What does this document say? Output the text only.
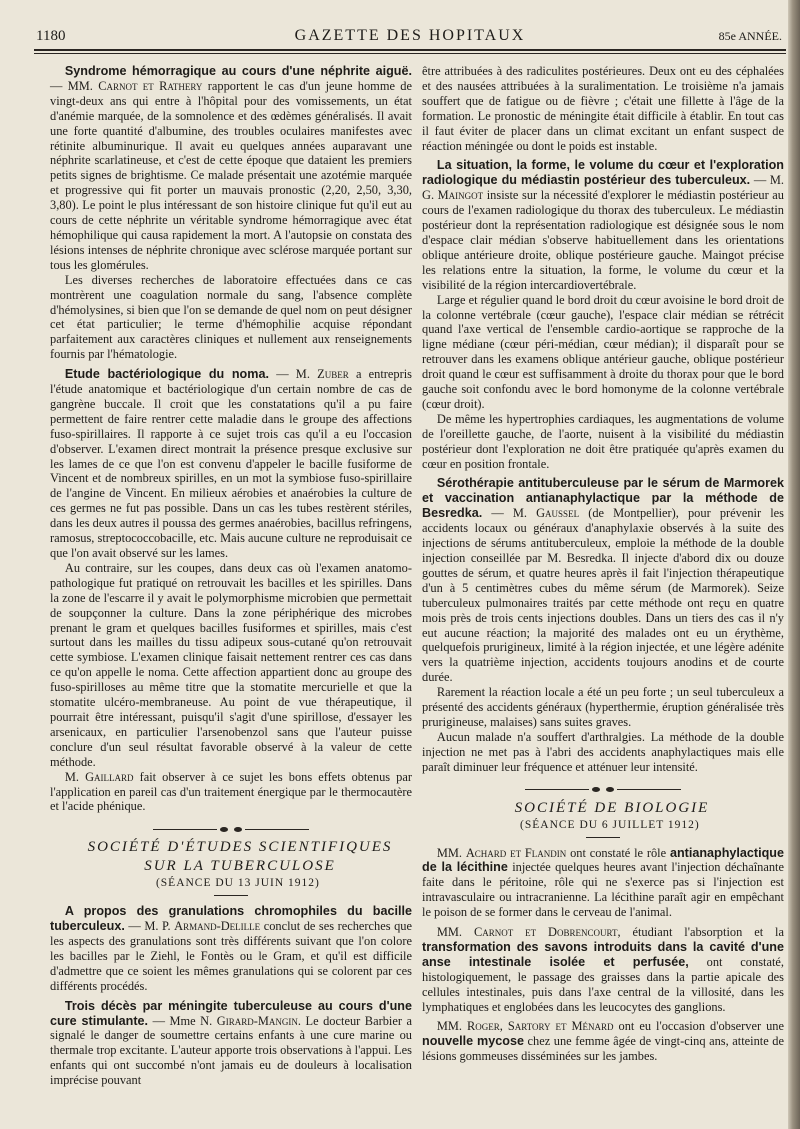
1180	GAZETTE DES HOPITAUX	85e ANNÉE.

Syndrome hémorragique au cours d'une néphrite aiguë. — MM. Carnot et Rathery rapportent le cas d'un jeune homme de vingt-deux ans qui entre à l'hôpital pour des vomissements, un état d'anémie marquée, de la somnolence et des œdèmes généralisés. Il avait une forte quantité d'albumine, des troubles oculaires manifestes avec rétinite albuminurique. Il avait eu quelques années auparavant une néphrite scarlatineuse, et c'est de cette époque que dataient les premiers petits signes de brightisme. Ce malade présentait une azotémie marquée et progressive qui fit porter un mauvais pronostic (2,20, 2,50, 3,30, 3,80). Le point le plus intéressant de son histoire clinique fut qu'il eut au cours de cette néphrite un véritable syndrome hémorragique avec état hémophilique qui causa rapidement la mort. A l'autopsie on constata des lésions intenses de néphrite chronique avec sclérose marquée portant sur tous les glomérules.

Les diverses recherches de laboratoire effectuées dans ce cas montrèrent une coagulation normale du sang, l'absence complète d'hémolysines, si bien que l'on se demande de quel nom on peut désigner cet état particulier; le terme d'hémophilie acquise répondant parfaitement aux caractères cliniques et nullement aux renseignements fournis par l'hématologie.

Etude bactériologique du noma. — M. Zuber a entrepris l'étude anatomique et bactériologique d'un certain nombre de cas de gangrène buccale. Il croit que les constatations qu'il a pu faire permettent de faire rentrer cette maladie dans le groupe des affections fuso-spirillaires. Il rapporte à ce sujet trois cas qu'il a eu l'occasion d'observer. L'examen direct montrait la présence presque exclusive sur les lames de ce que l'on est convenu d'appeler le bacille fusiforme de Vincent et de nombreux spirilles, en un mot la symbiose fuso-spirillaire de l'angine de Vincent. En milieux aérobies et anaérobies la culture de ces germes ne fut pas possible. Dans un cas les tubes restèrent stériles, dans les deux autres il poussa des germes anaérobies, bacillus refringens, ramosus, streptococcobacille, etc. Mais aucune culture ne reproduisait ce que l'on avait observé sur les lames.

Au contraire, sur les coupes, dans deux cas où l'examen anatomo-pathologique fut pratiqué on retrouvait les bacilles et les spirilles. Dans la zone de l'escarre il y avait le polymorphisme microbien que permettait de soupçonner la culture. Dans la zone périphérique des microbes prenant le gram et quelques bacilles fusiformes et spirilles, mais c'est surtout dans les mailles du tissu adipeux sous-cutané qu'on retrouvait cette symbiose. L'examen clinique faisait nettement rentrer ces cas dans ce qu'on appelle le noma. Cette affection appartient donc au groupe des fuso-spirilloses au même titre que la stomatite mercurielle et que la stomatite ulcéro-membraneuse. Au point de vue thérapeutique, il pourrait être intéressant, puisqu'il s'agit d'une spirillose, d'essayer les arsenicaux, en particulier l'arsenobenzol sans que l'auteur puisse conclure d'un seul résultat favorable observé à la valeur de cette méthode.

M. Gaillard fait observer à ce sujet les bons effets obtenus par l'application en pareil cas d'un traitement énergique par le thermocautère et l'acide phénique.

SOCIÉTÉ D'ÉTUDES SCIENTIFIQUES

SUR LA TUBERCULOSE

(SÉANCE DU 13 JUIN 1912)

A propos des granulations chromophiles du bacille tuberculeux. — M. P. Armand-Delille conclut de ses recherches que les aspects des granulations sont très différents suivant que l'on colore les bacilles par le Ziehl, le Fontès ou le Gram, et qu'il est difficile d'admettre que ce soient les mêmes granulations qui se colorent par ces différents procédés.

Trois décès par méningite tuberculeuse au cours d'une cure stimulante. — Mme N. Girard-Mangin. Le docteur Barbier a signalé le danger de soumettre certains enfants à une cure marine ou thermale trop excitante. L'auteur apporte trois observations à l'appui. Les enfants qui ont succombé n'ont jamais eu de douleurs à localisation imprécise pouvant

être attribuées à des radiculites postérieures. Deux ont eu des céphalées et des nausées attribuées à la suralimentation. Le troisième n'a jamais souffert que de fatigue ou de fièvre ; c'était une fillette à l'âge de la formation. Le pronostic de méningite était difficile à établir. En tout cas il faut éviter de placer dans un climat excitant un enfant suspect de réaction méningée ou dont le poids est instable.

La situation, la forme, le volume du cœur et l'exploration radiologique du médiastin postérieur des tuberculeux. — M. G. Maingot insiste sur la nécessité d'explorer le médiastin postérieur au cours de l'examen radiologique du thorax des tuberculeux. Le médiastin postérieur dont la représentation radiologique est désignée sous le nom d'espace clair médian s'observe habituellement dans les orientations oblique antérieure droite, oblique postérieure gauche. Maingot précise les relations entre la situation, la forme, le volume du cœur et la visibilité de la région intercardiovertébrale.

Large et régulier quand le bord droit du cœur avoisine le bord droit de la colonne vertébrale (cœur gauche), l'espace clair médian se rétrécit quand l'axe vertical de l'ensemble cardio-aortique se rapproche de la ligne médiane (cœur péri-médian, cœur médian); il disparaît pour se retrouver dans les examens oblique antérieur gauche, oblique postérieur droit quand le cœur est suffisamment à droite du thorax pour que le bord gauche soit confondu avec le bord homonyme de la colonne vertébrale (cœur droit).

De même les hypertrophies cardiaques, les augmentations de volume de l'oreillette gauche, de l'aorte, nuisent à la visibilité du médiastin postérieur dont l'exploration ne doit être pratiquée qu'après examen du cœur en position frontale.

Sérothérapie antituberculeuse par le sérum de Marmorek et vaccination antianaphylactique par la méthode de Besredka. — M. Gaussel (de Montpellier), pour prévenir les accidents locaux ou généraux d'anaphylaxie observés à la suite des injections de sérums antituberculeux, emploie la méthode de la double injection conseillée par M. Besredka. Il injecte d'abord dix ou douze gouttes de sérum, et quatre heures après il fait l'injection thérapeutique d'un à 5 centimètres cubes du même sérum (de Marmorek). Seize tuberculeux pulmonaires traités par cette méthode ont reçu en quatre mois près de trois cents injections doubles. Dans un tiers des cas il n'y eut aucune réaction; la majorité des malades ont eu un érythème, quelquefois prurigineux, limité à la région injectée, et une légère adénite vers la quatrième injection, accidents toujours anodins et de courte durée.

Rarement la réaction locale a été un peu forte ; un seul tuberculeux a présenté des accidents généraux (hyperthermie, éruption généralisée très prurigineuse, malaises) sans suites graves.

Aucun malade n'a souffert d'arthralgies. La méthode de la double injection ne met pas à l'abri des accidents anaphylactiques mais elle paraît diminuer leur fréquence et atténuer leur intensité.

SOCIÉTÉ DE BIOLOGIE

(SÉANCE DU 6 JUILLET 1912)

MM. Achard et Flandin ont constaté le rôle antianaphylactique de la lécithine injectée quelques heures avant l'injection déchaînante faite dans le péritoine, rôle qui ne s'exerce pas si l'injection est intravasculaire ou intracranienne. La lécithine paraît agir en empêchant le poison de se former dans le cerveau de l'animal.

MM. Carnot et Dobrencourt, étudiant l'absorption et la transformation des savons introduits dans la cavité d'une anse intestinale isolée et perfusée, ont constaté, histologiquement, le passage des graisses dans la partie apicale des cellules intestinales, puis dans l'axe central de la villosité, dans les lymphatiques et englobées dans les leucocytes des ganglions.

MM. Roger, Sartory et Ménard ont eu l'occasion d'observer une nouvelle mycose chez une femme âgée de vingt-cinq ans, atteinte de lésions gommeuses disséminées sur les jambes.
